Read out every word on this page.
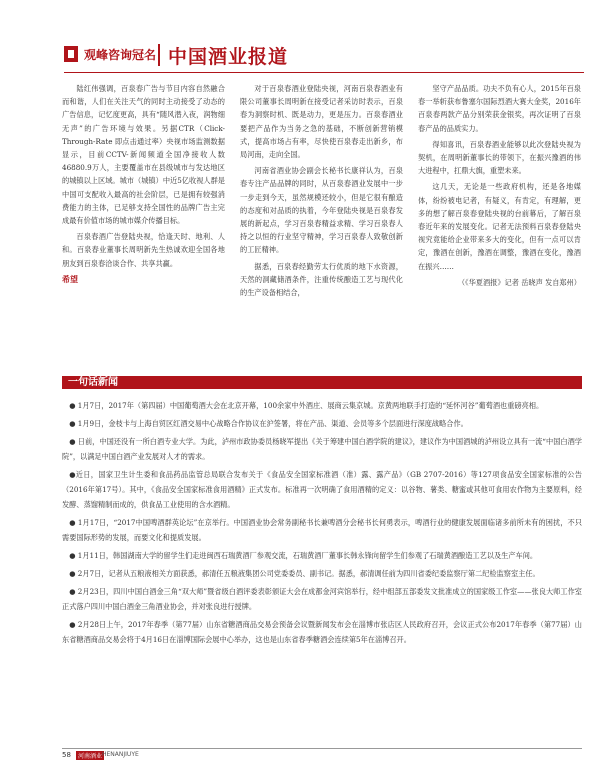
观峰咨询冠名 中国酒业报道

陆红伟强调，百泉春广告与节目内容自然融合而和谐，人们在关注天气的同时主动接受了动态的广告信息，记忆度更高，具有“随风潜入夜，润物细无声”的广告环境与效果。另据CTR（Click-Through-Rate 即点击通过率）央视市场监测数据显示，目前CCTV-新闻频道全国净接收人数46880.9万人，主要覆盖市在县级城市与发达地区的城镇以上区域。城市（城镇）中近5亿收视人群是中国可支配收入最高的社会阶层，已是拥有较强消费能力的主体，已足够支持全国性的品牌广告主完成最有价值市场的城市媒介传播目标。

百泉春酒广告登陆央视，恰逢天时、地利、人和。百泉春业董事长周明新先生热诚欢迎全国各地朋友到百泉春洽谈合作、共享共赢。

希望

对于百泉春酒业登陆央视，河南百泉春酒业有限公司董事长周明新在接受记者采访时表示，百泉春为洞察时机、既是动力，更是压力。百泉春酒业要把产品作为当务之急的基础，不断创新营销模式，提高市场占有率，尽快使百泉春走出新乡，布局河南，走向全国。

河南省酒业协会副会长秘书长康祥认为，百泉春专注产品品牌的同时，从百泉春酒业发展中一步一步走到今天，虽然规模还较小，但是它很有酿造的态度和对品质的执着，今年登陆央视是百泉春发展的新起点，学习百泉春精益求精、学习百泉春人持之以恒的行业坚守精神，学习百泉春人致敬创新的工匠精神。

据悉，百泉春经勤劳太行优质的地下水资源，天然的洞藏储酒条件，注重传统酿造工艺与现代化的生产设备相结合，

坚守产品品质。功夫不负有心人，2015年百泉春一举斩获布鲁塞尔国际烈酒大赛大金奖，2016年百泉春两款产品分别荣获金银奖，再次证明了百泉春产品的品质实力。

得知喜讯，百泉春酒业能够以此次登陆央视为契机，在周明新董事长的带领下，在振兴豫酒的伟大进程中，扛鼎大旗，重塑未来。

这几天，无论是一些政府机构，还是各地媒体，纷纷被电记者，有疑义，有肯定，有理解，更多的想了解百泉春登陆央视的台前幕后，了解百泉春近年来的发展变化。记者无法预料百泉春登陆央视究竟能给企业带来多大的变化，但有一点可以肯定，豫酒在创新，豫酒在调整，豫酒在变化，豫酒在振兴……

（《华夏酒报》记者 岳晓声 发自郑州）

一句话新闻

● 1月7日，2017年（第四届）中国葡萄酒大会在北京开幕，100余家中外酒庄、展商云集京城。京黄两地联手打造的“延怀河谷”葡萄酒也重磅亮相。

● 1月9日，金枝卡与上海自贸区红酒交易中心战略合作协议在沪签署，将在产品、渠道、会员等多个层面进行深度战略合作。

● 日前，中国还没有一所白酒专业大学。为此，泸州市政协委员杨晓军提出《关于筹建中国白酒学院的建议》，建议作为中国酒城的泸州设立具有一流“中国白酒学院”，以满足中国白酒产业发展对人才的需求。

●近日，国家卫生计生委和食品药品监管总局联合发布关于《食品安全国家标准酒（准）露、露产品》（GB 2707-2016）等127项食品安全国家标准的公告（2016年第17号）。其中，《食品安全国家标准食用酒精》正式发布。标准再一次明确了食用酒精的定义：以谷物、薯类、糖蜜或其他可食用农作物为主要原料，经发酵、蒸馏精制而成的，供食品工业使用的含水酒精。

● 1月17日，“2017中国啤酒群英论坛”在京举行。中国酒业协会常务副秘书长兼啤酒分会秘书长何勇表示，啤酒行业的健康发展面临诸多前所未有的困扰，不只需要国际形势的发展，而要文化和提质发展。

● 1月11日，韩国湖南大学的留学生们走进闽西石瑞黄酒厂参观交流，石瑞黄酒厂董事长韩永锋向留学生们参观了石瑞黄酒酿造工艺以及生产车间。

● 2月7日，记者从五粮液相关方面获悉，郝清任五粮液集团公司党委委员、副书记。据悉，郝清调任前为四川省委纪委监察厅第二纪检监察室主任。

● 2月23日，四川中国白酒金三角“双大师”暨省级白酒评委表彰颁证大会在成都金河宾馆举行，经中组部五部委发文批准成立的国家级工作室——张良大师工作室正式落户四川中国白酒金三角酒业协会，并对张良进行授牌。

● 2月28日上午，2017年春季（第77届）山东省糖酒商品交易会预备会议暨新闻发布会在淄博市张店区人民政府召开，会议正式公布2017年春季（第77届）山东省糖酒商品交易会将于4月16日在淄博国际会展中心举办，这也是山东省春季糖酒会连续第5年在淄博召开。

58	河南酒业 HENANJIUYE
